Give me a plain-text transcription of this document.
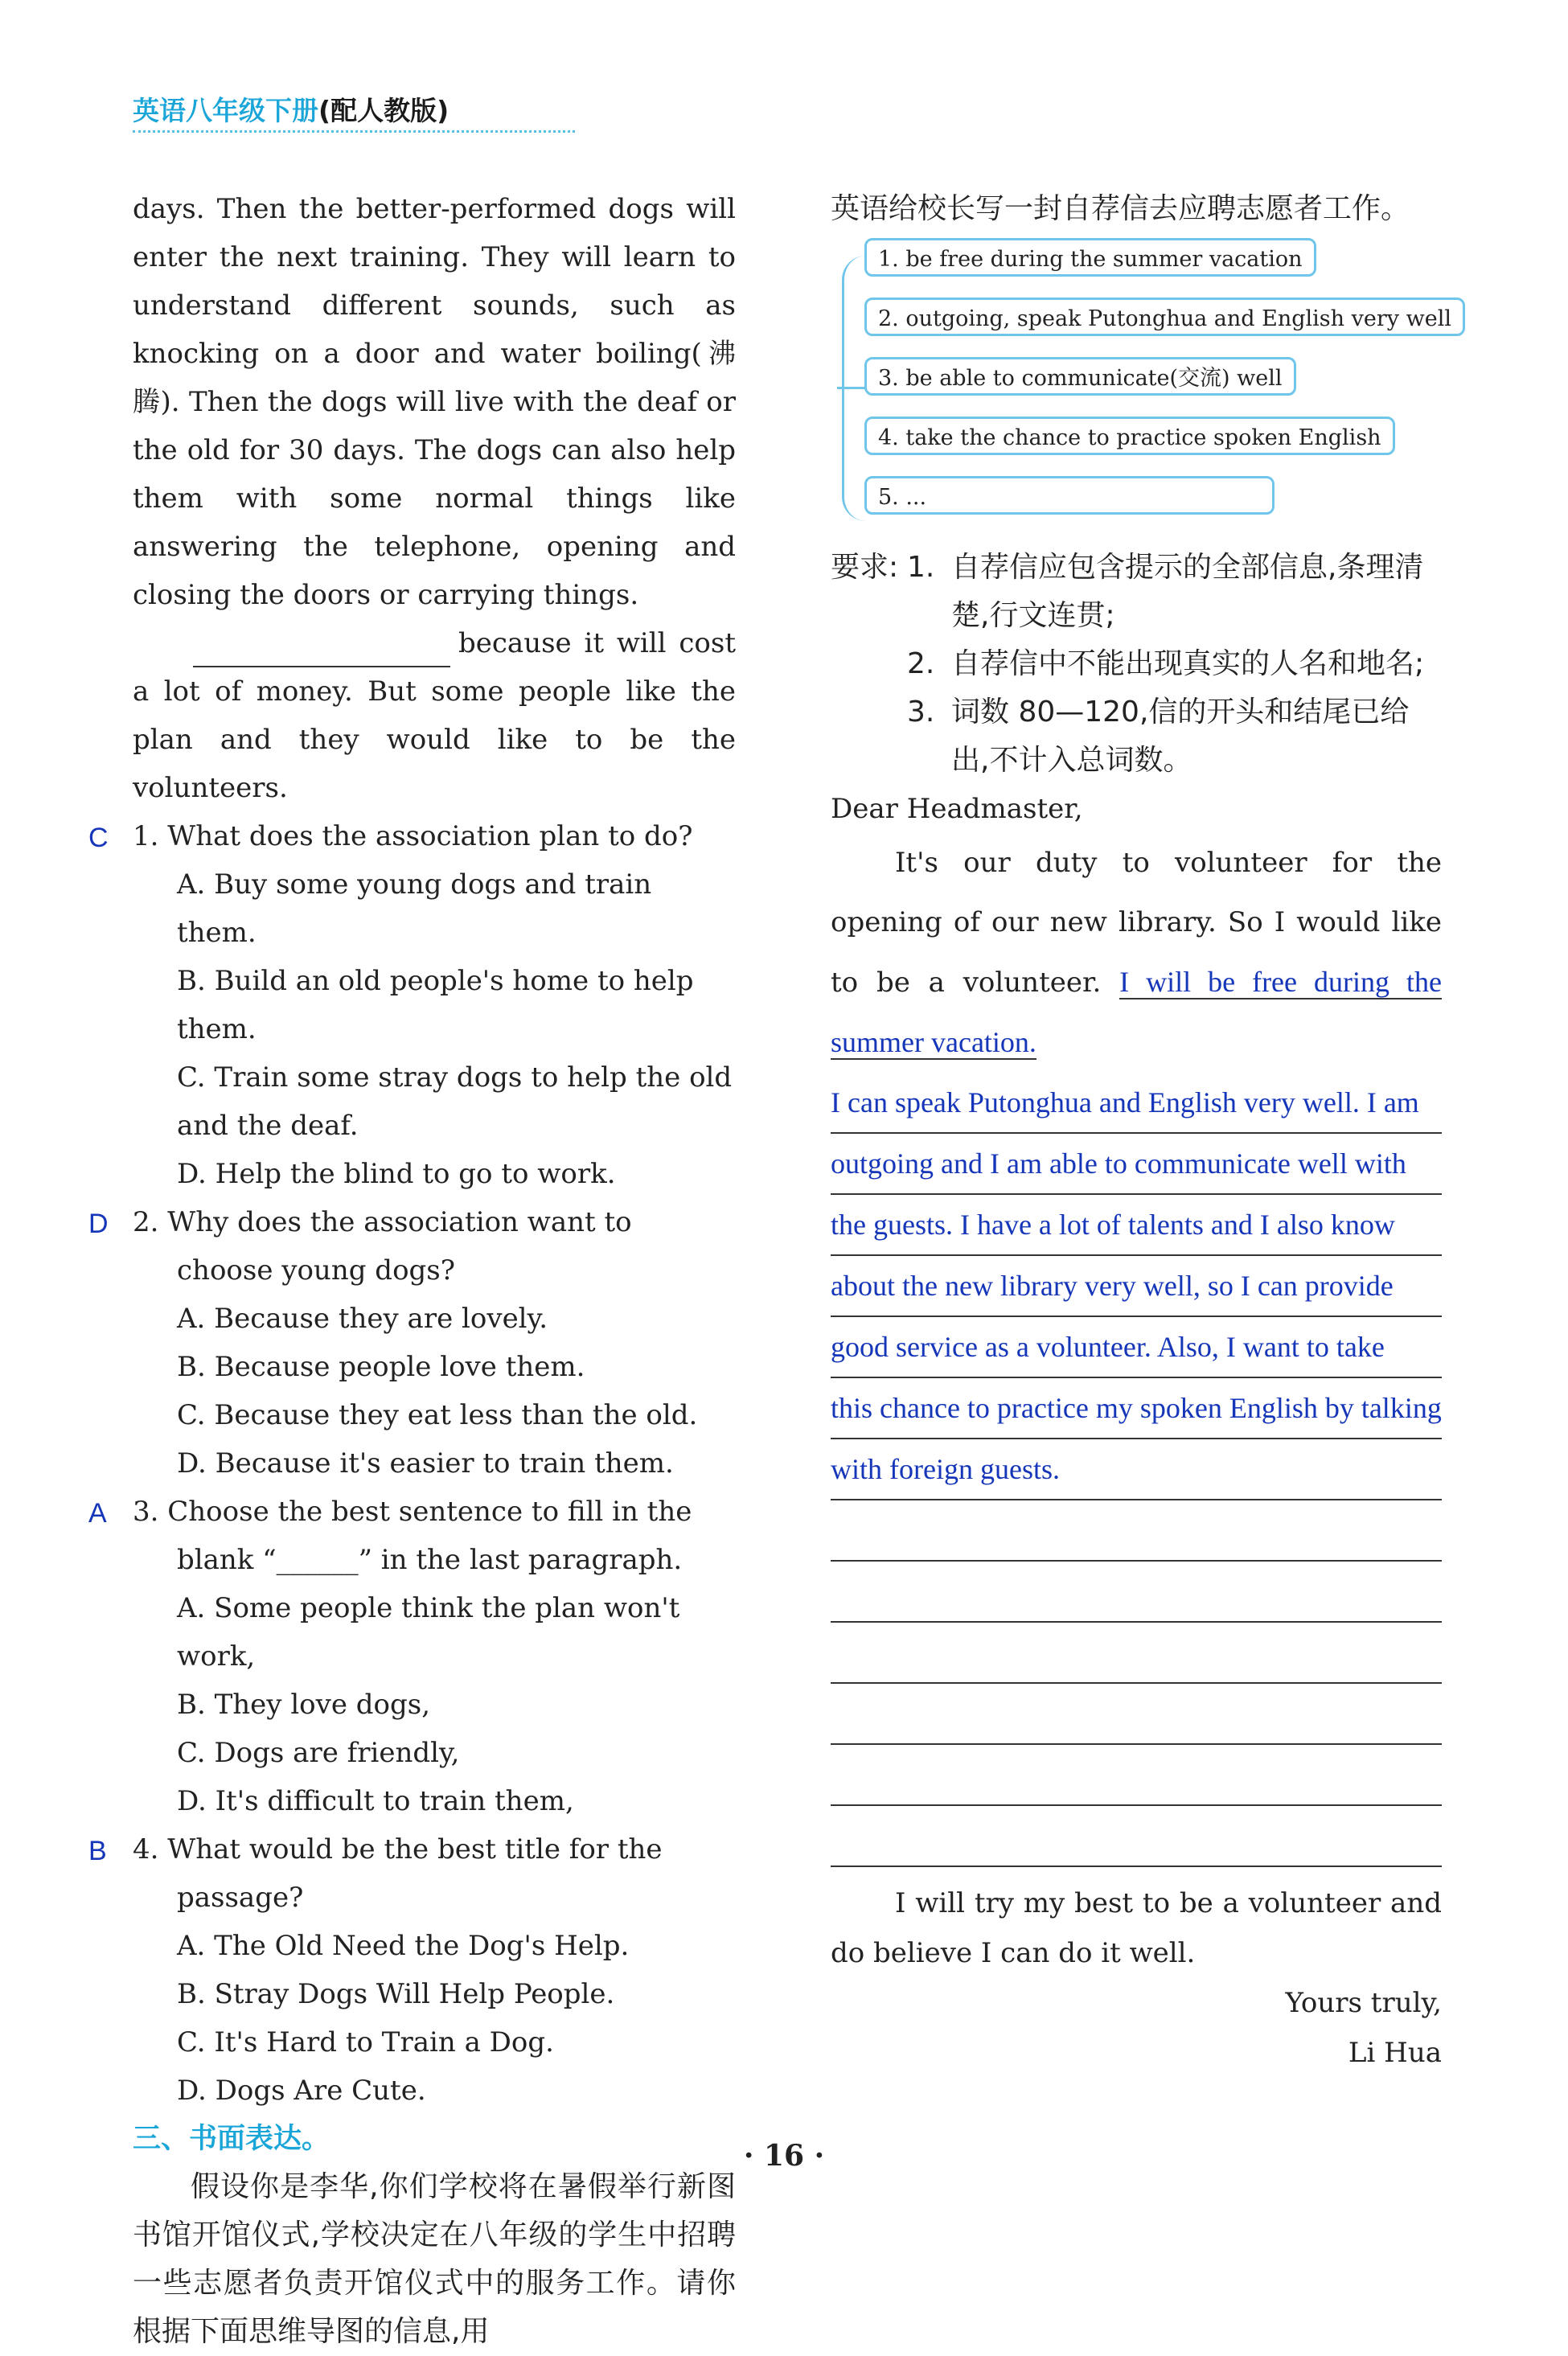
英语八年级下册(配人教版)

days. Then the better-performed dogs will enter the next training. They will learn to understand different sounds, such as knocking on a door and water boiling(沸腾). Then the dogs will live with the deaf or the old for 30 days. The dogs can also help them with some normal things like answering the telephone, opening and closing the doors or carrying things.

because it will cost a lot of money. But some people like the plan and they would like to be the volunteers.

C 1. What does the association plan to do?
A. Buy some young dogs and train them.
B. Build an old people's home to help them.
C. Train some stray dogs to help the old and the deaf.
D. Help the blind to go to work.
D 2. Why does the association want to choose young dogs?
A. Because they are lovely.
B. Because people love them.
C. Because they eat less than the old.
D. Because it's easier to train them.
A 3. Choose the best sentence to fill in the blank “______” in the last paragraph.
A. Some people think the plan won't work,
B. They love dogs,
C. Dogs are friendly,
D. It's difficult to train them,
B 4. What would be the best title for the passage?
A. The Old Need the Dog's Help.
B. Stray Dogs Will Help People.
C. It's Hard to Train a Dog.
D. Dogs Are Cute.
三、书面表达。

假设你是李华,你们学校将在暑假举行新图书馆开馆仪式,学校决定在八年级的学生中招聘一些志愿者负责开馆仪式中的服务工作。请你根据下面思维导图的信息,用

英语给校长写一封自荐信去应聘志愿者工作。

1. be free during the summer vacation
2. outgoing, speak Putonghua and English very well
3. be able to communicate(交流) well
4. take the chance to practice spoken English
5. ...
要求: 1. 自荐信应包含提示的全部信息,条理清楚,行文连贯;
2. 自荐信中不能出现真实的人名和地名;
3. 词数 80—120,信的开头和结尾已给出,不计入总词数。
Dear Headmaster,
It's our duty to volunteer for the opening of our new library. So I would like to be a volunteer. I will be free during the summer vacation.
I can speak Putonghua and English very well. I am
outgoing and I am able to communicate well with
the guests. I have a lot of talents and I also know
about the new library very well, so I can provide
good service as a volunteer. Also, I want to take
this chance to practice my spoken English by talking
with foreign guests.
I will try my best to be a volunteer and do believe I can do it well.
Yours truly,
Li Hua
· 16 ·
